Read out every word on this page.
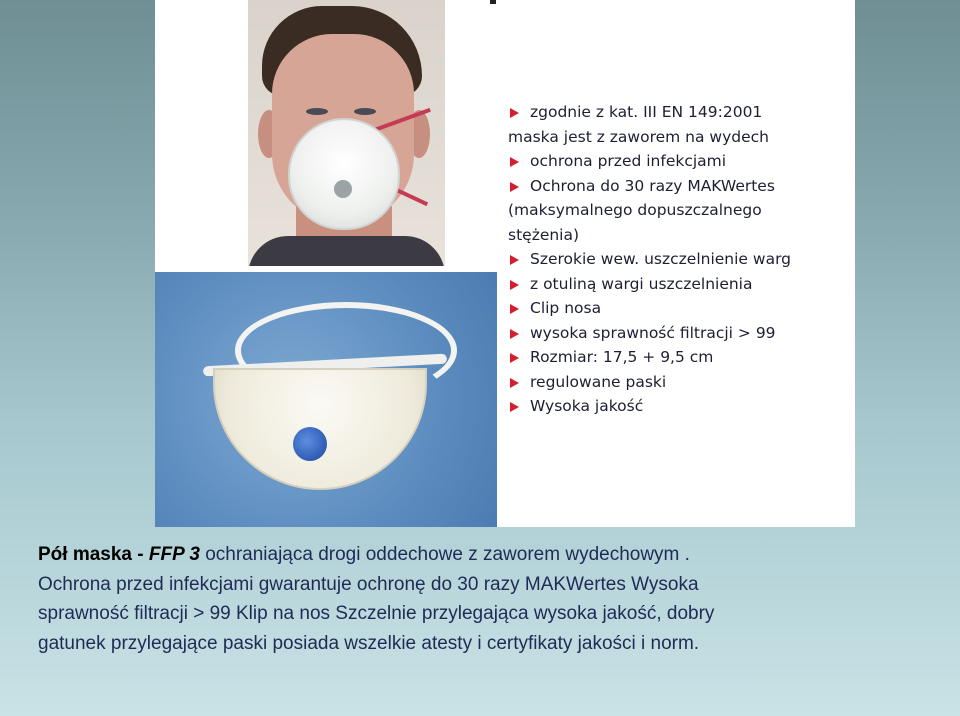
zgodnie z kat. III EN 149:2001
maska jest z zaworem na wydech
ochrona przed infekcjami
Ochrona do 30 razy MAKWertes
(maksymalnego dopuszczalnego
stężenia)
Szerokie wew. uszczelnienie warg
z otuliną wargi uszczelnienia
Clip nosa
wysoka sprawność filtracji > 99
Rozmiar: 17,5 + 9,5 cm
regulowane paski
Wysoka jakość

Pół maska - FFP 3 ochraniająca drogi oddechowe z zaworem wydechowym .

Ochrona przed infekcjami gwarantuje ochronę do 30 razy MAKWertes Wysoka

sprawność filtracji > 99 Klip na nos Szczelnie przylegająca wysoka jakość, dobry

gatunek przylegające paski posiada wszelkie atesty i certyfikaty jakości i norm.
